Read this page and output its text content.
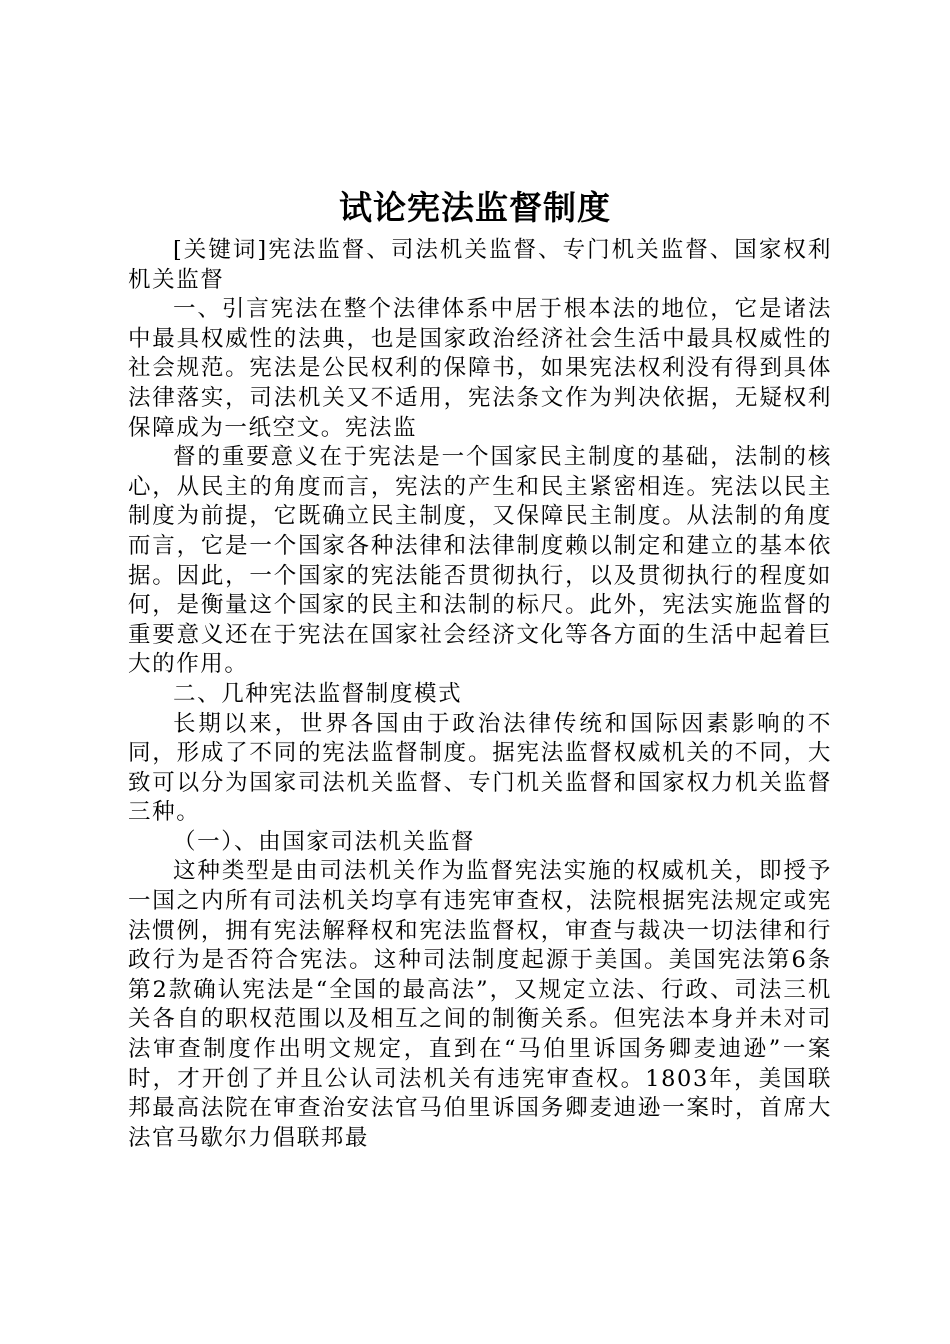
试论宪法监督制度

[关键词]宪法监督、司法机关监督、专门机关监督、国家权利机关监督

一、引言宪法在整个法律体系中居于根本法的地位，它是诸法中最具权威性的法典，也是国家政治经济社会生活中最具权威性的社会规范。宪法是公民权利的保障书，如果宪法权利没有得到具体法律落实，司法机关又不适用，宪法条文作为判决依据，无疑权利保障成为一纸空文。宪法监

督的重要意义在于宪法是一个国家民主制度的基础，法制的核心，从民主的角度而言，宪法的产生和民主紧密相连。宪法以民主制度为前提，它既确立民主制度，又保障民主制度。从法制的角度而言，它是一个国家各种法律和法律制度赖以制定和建立的基本依据。因此，一个国家的宪法能否贯彻执行，以及贯彻执行的程度如何，是衡量这个国家的民主和法制的标尺。此外，宪法实施监督的重要意义还在于宪法在国家社会经济文化等各方面的生活中起着巨大的作用。

二、几种宪法监督制度模式

长期以来，世界各国由于政治法律传统和国际因素影响的不同，形成了不同的宪法监督制度。据宪法监督权威机关的不同，大致可以分为国家司法机关监督、专门机关监督和国家权力机关监督三种。

（一）、由国家司法机关监督

这种类型是由司法机关作为监督宪法实施的权威机关，即授予一国之内所有司法机关均享有违宪审查权，法院根据宪法规定或宪法惯例，拥有宪法解释权和宪法监督权，审查与裁决一切法律和行政行为是否符合宪法。这种司法制度起源于美国。美国宪法第6条第2款确认宪法是“全国的最高法”，又规定立法、行政、司法三机关各自的职权范围以及相互之间的制衡关系。但宪法本身并未对司法审查制度作出明文规定，直到在“马伯里诉国务卿麦迪逊”一案时，才开创了并且公认司法机关有违宪审查权。1803年，美国联邦最高法院在审查治安法官马伯里诉国务卿麦迪逊一案时，首席大法官马歇尔力倡联邦最
